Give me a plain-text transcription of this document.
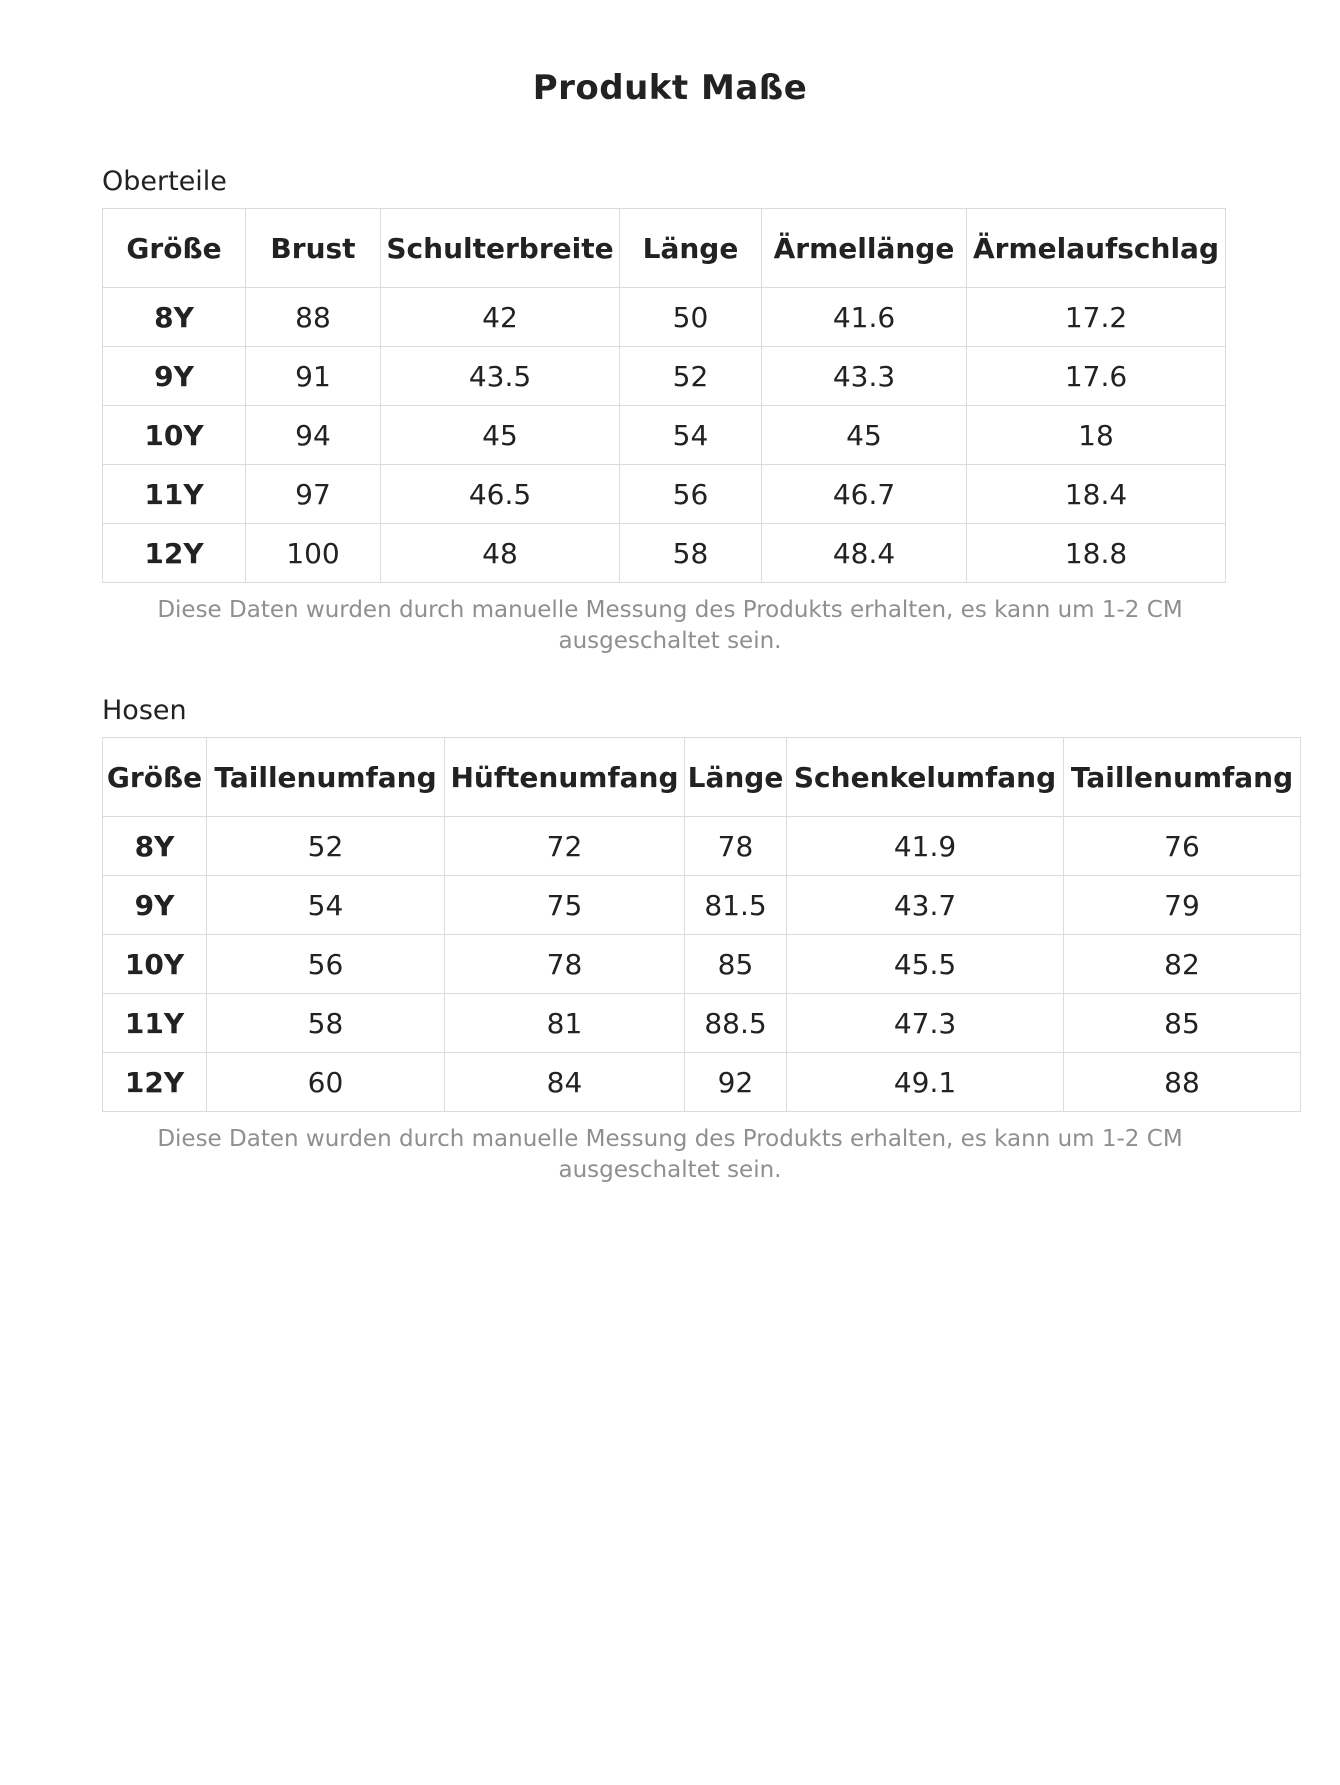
Produkt Maße
Oberteile
Größe	Brust	Schulterbreite	Länge	Ärmellänge	Ärmelaufschlag
8Y	88	42	50	41.6	17.2
9Y	91	43.5	52	43.3	17.6
10Y	94	45	54	45	18
11Y	97	46.5	56	46.7	18.4
12Y	100	48	58	48.4	18.8

Diese Daten wurden durch manuelle Messung des Produkts erhalten, es kann um 1-2 CM
ausgeschaltet sein.

Hosen
Größe	Taillenumfang	Hüftenumfang	Länge	Schenkelumfang	Taillenumfang
8Y	52	72	78	41.9	76
9Y	54	75	81.5	43.7	79
10Y	56	78	85	45.5	82
11Y	58	81	88.5	47.3	85
12Y	60	84	92	49.1	88

Diese Daten wurden durch manuelle Messung des Produkts erhalten, es kann um 1-2 CM
ausgeschaltet sein.
